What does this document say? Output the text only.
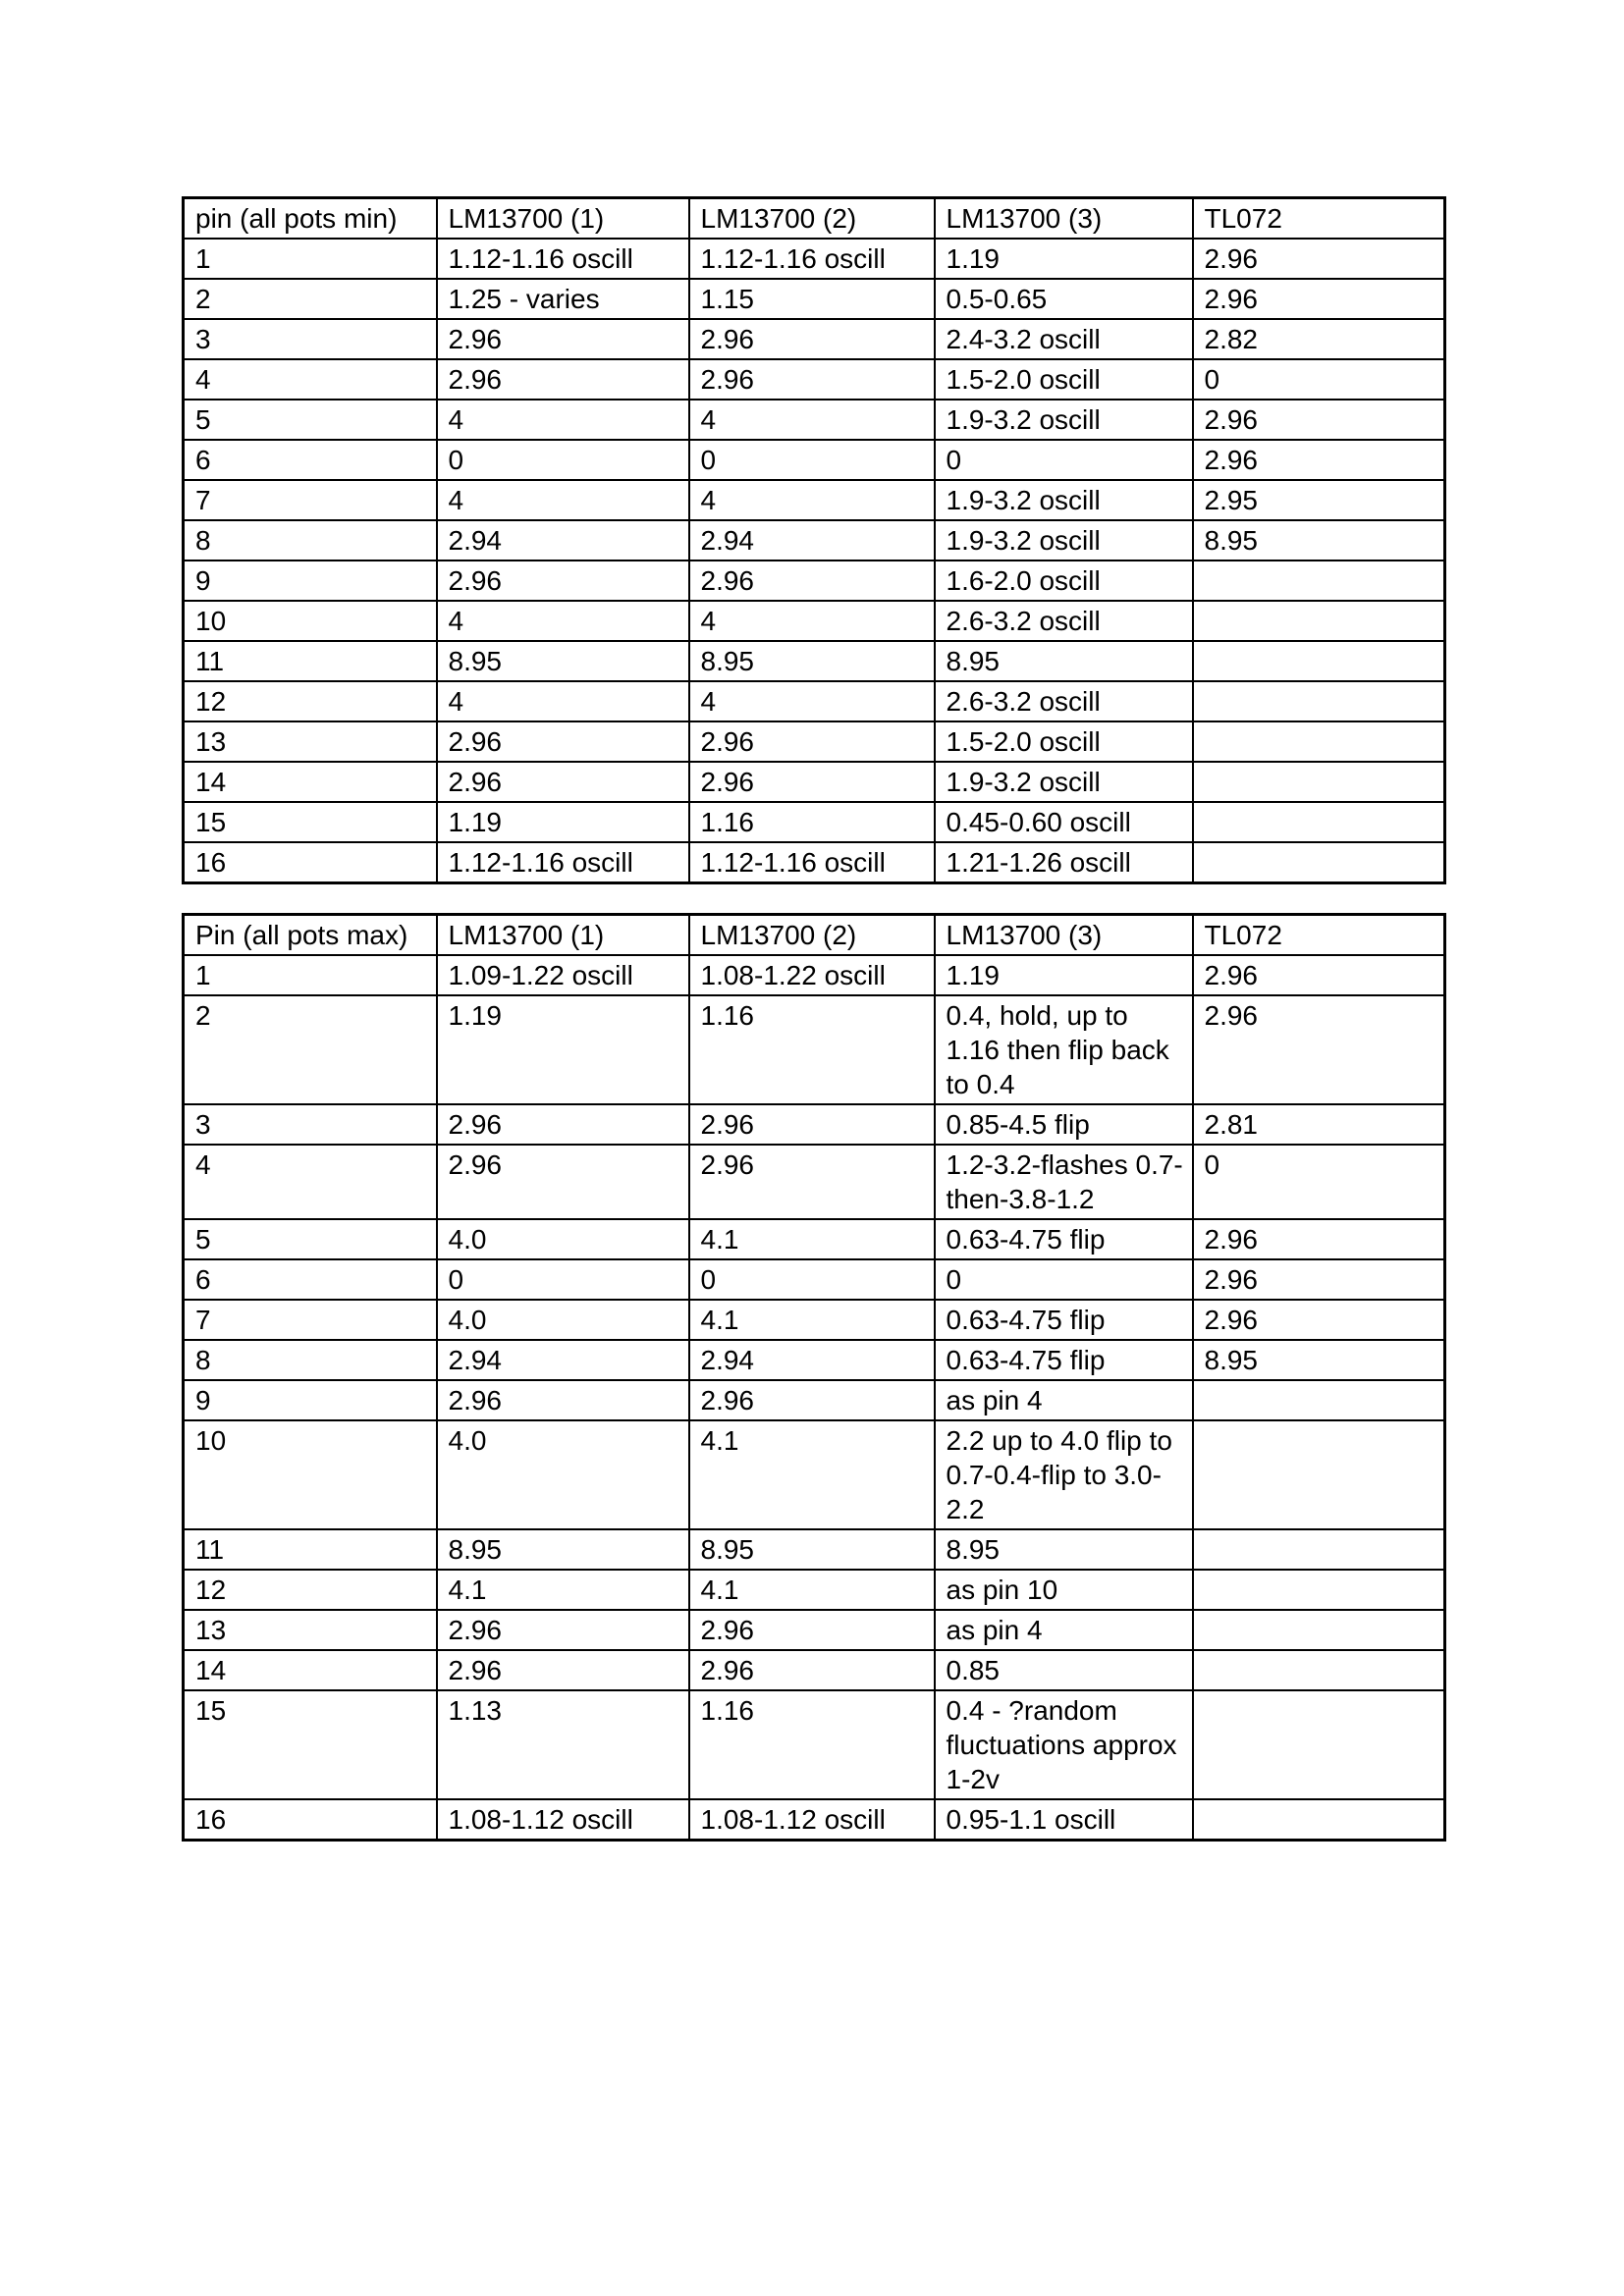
pin (all pots min)	LM13700 (1)	LM13700 (2)	LM13700 (3)	TL072
1	1.12-1.16 oscill	1.12-1.16 oscill	1.19	2.96
2	1.25 - varies	1.15	0.5-0.65	2.96
3	2.96	2.96	2.4-3.2 oscill	2.82
4	2.96	2.96	1.5-2.0 oscill	0
5	4	4	1.9-3.2 oscill	2.96
6	0	0	0	2.96
7	4	4	1.9-3.2 oscill	2.95
8	2.94	2.94	1.9-3.2 oscill	8.95
9	2.96	2.96	1.6-2.0 oscill	
10	4	4	2.6-3.2 oscill	
11	8.95	8.95	8.95	
12	4	4	2.6-3.2 oscill	
13	2.96	2.96	1.5-2.0 oscill	
14	2.96	2.96	1.9-3.2 oscill	
15	1.19	1.16	0.45-0.60 oscill	
16	1.12-1.16 oscill	1.12-1.16 oscill	1.21-1.26 oscill	
Pin (all pots max)	LM13700 (1)	LM13700 (2)	LM13700 (3)	TL072
1	1.09-1.22 oscill	1.08-1.22 oscill	1.19	2.96
2	1.19	1.16	0.4, hold, up to 1.16 then flip back to 0.4	2.96
3	2.96	2.96	0.85-4.5 flip	2.81
4	2.96	2.96	1.2-3.2-flashes 0.7-then-3.8-1.2	0
5	4.0	4.1	0.63-4.75 flip	2.96
6	0	0	0	2.96
7	4.0	4.1	0.63-4.75 flip	2.96
8	2.94	2.94	0.63-4.75 flip	8.95
9	2.96	2.96	as pin 4	
10	4.0	4.1	2.2 up to 4.0 flip to 0.7-0.4-flip to 3.0-2.2	
11	8.95	8.95	8.95	
12	4.1	4.1	as pin 10	
13	2.96	2.96	as pin 4	
14	2.96	2.96	0.85	
15	1.13	1.16	0.4 - ?random fluctuations approx 1-2v	
16	1.08-1.12 oscill	1.08-1.12 oscill	0.95-1.1 oscill	
